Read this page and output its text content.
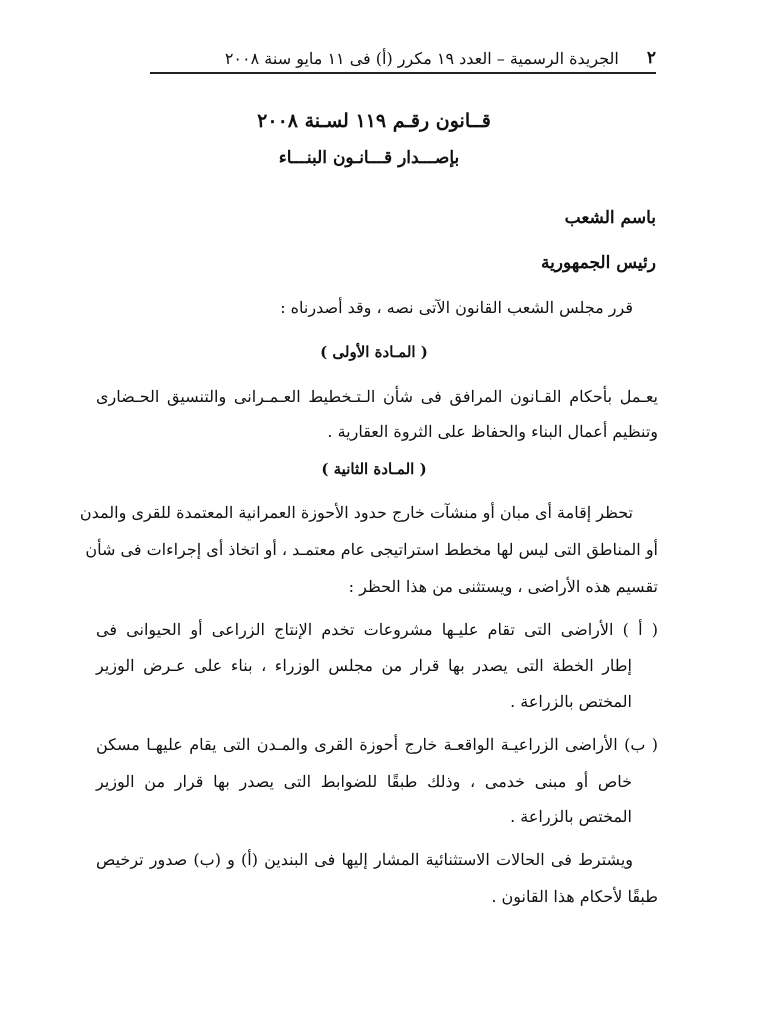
٢
الجريدة الرسمية – العدد ١٩ مكرر (أ) فى ١١ مايو سنة ٢٠٠٨
قــانون رقـم ١١٩ لسـنة ٢٠٠٨
بإصـــدار قـــانـون البنـــاء
باسم الشعب
رئيس الجمهورية
قرر مجلس الشعب القانون الآتى نصه ، وقد أصدرناه :
( المـادة الأولى )
يعـمل بأحكام القـانون المرافق فى شأن الـتـخطيط العـمـرانى والتنسيق الحـضارى
وتنظيم أعمال البناء والحفاظ على الثروة العقارية .
( المـادة الثانية )
تحظر إقامة أى مبان أو منشآت خارج حدود الأحوزة العمرانية المعتمدة للقرى والمدن
أو المناطق التى ليس لها مخطط استراتيجى عام معتمـد ، أو اتخاذ أى إجراءات فى شأن
تقسيم هذه الأراضى ، ويستثنى من هذا الحظر :
( أ ) الأراضى التى تقام عليـها مشروعات تخدم الإنتاج الزراعى أو الحيوانى فى
إطار الخطة التى يصدر بها قرار من مجلس الوزراء ، بناء على عـرض الوزير
المختص بالزراعة .
( ب) الأراضى الزراعيـة الواقعـة خارج أحوزة القرى والمـدن التى يقام عليهـا مسكن
خاص أو مبنى خدمى ، وذلك طبقًا للضوابط التى يصدر بها قرار من الوزير
المختص بالزراعة .
ويشترط فى الحالات الاستثنائية المشار إليها فى البندين (أ) و (ب) صدور ترخيص
طبقًا لأحكام هذا القانون .
